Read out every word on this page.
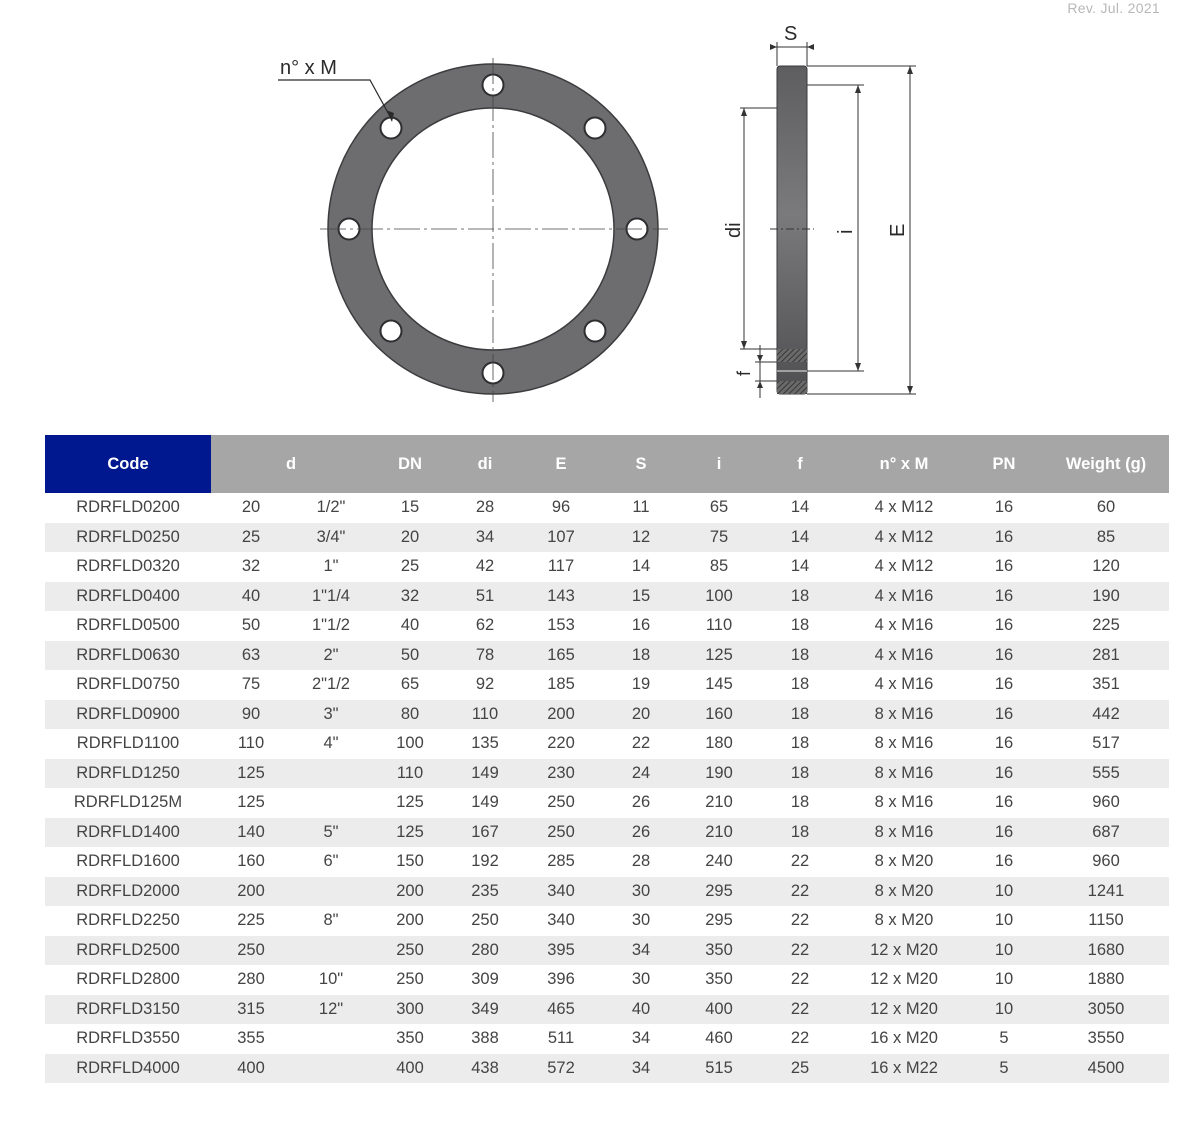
Rev. Jul. 2021
n° x M
S
di
f
i E
Code	d		DN	di	E	S	i	f	n° x M	PN	Weight (g)
RDRFLD0200	20	1/2"	15	28	96	11	65	14	4 x M12	16	60
RDRFLD0250	25	3/4"	20	34	107	12	75	14	4 x M12	16	85
RDRFLD0320	32	1"	25	42	117	14	85	14	4 x M12	16	120
RDRFLD0400	40	1"1/4	32	51	143	15	100	18	4 x M16	16	190
RDRFLD0500	50	1"1/2	40	62	153	16	110	18	4 x M16	16	225
RDRFLD0630	63	2"	50	78	165	18	125	18	4 x M16	16	281
RDRFLD0750	75	2"1/2	65	92	185	19	145	18	4 x M16	16	351
RDRFLD0900	90	3"	80	110	200	20	160	18	8 x M16	16	442
RDRFLD1100	110	4"	100	135	220	22	180	18	8 x M16	16	517
RDRFLD1250	125		110	149	230	24	190	18	8 x M16	16	555
RDRFLD125M	125		125	149	250	26	210	18	8 x M16	16	960
RDRFLD1400	140	5"	125	167	250	26	210	18	8 x M16	16	687
RDRFLD1600	160	6"	150	192	285	28	240	22	8 x M20	16	960
RDRFLD2000	200		200	235	340	30	295	22	8 x M20	10	1241
RDRFLD2250	225	8"	200	250	340	30	295	22	8 x M20	10	1150
RDRFLD2500	250		250	280	395	34	350	22	12 x M20	10	1680
RDRFLD2800	280	10"	250	309	396	30	350	22	12 x M20	10	1880
RDRFLD3150	315	12"	300	349	465	40	400	22	12 x M20	10	3050
RDRFLD3550	355		350	388	511	34	460	22	16 x M20	5	3550
RDRFLD4000	400		400	438	572	34	515	25	16 x M22	5	4500
